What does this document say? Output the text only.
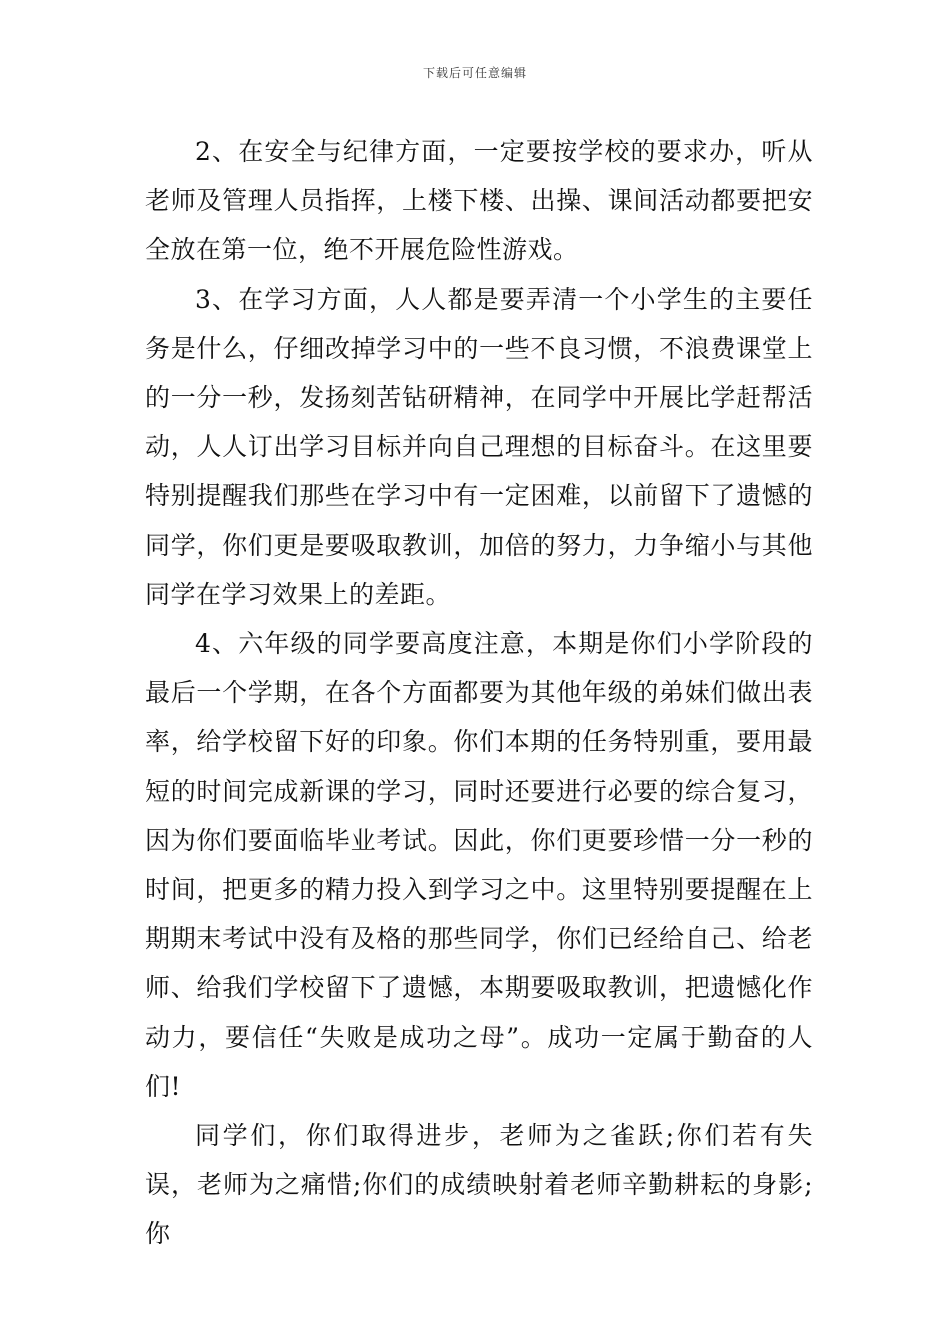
下载后可任意编辑

2、在安全与纪律方面，一定要按学校的要求办，听从老师及管理人员指挥，上楼下楼、出操、课间活动都要把安全放在第一位，绝不开展危险性游戏。

3、在学习方面，人人都是要弄清一个小学生的主要任务是什么，仔细改掉学习中的一些不良习惯，不浪费课堂上的一分一秒，发扬刻苦钻研精神，在同学中开展比学赶帮活动，人人订出学习目标并向自己理想的目标奋斗。在这里要特别提醒我们那些在学习中有一定困难，以前留下了遗憾的同学，你们更是要吸取教训，加倍的努力，力争缩小与其他同学在学习效果上的差距。

4、六年级的同学要高度注意，本期是你们小学阶段的最后一个学期，在各个方面都要为其他年级的弟妹们做出表率，给学校留下好的印象。你们本期的任务特别重，要用最短的时间完成新课的学习，同时还要进行必要的综合复习，因为你们要面临毕业考试。因此，你们更要珍惜一分一秒的时间，把更多的精力投入到学习之中。这里特别要提醒在上期期末考试中没有及格的那些同学，你们已经给自己、给老师、给我们学校留下了遗憾，本期要吸取教训，把遗憾化作动力，要信任“失败是成功之母”。成功一定属于勤奋的人们!

同学们，你们取得进步，老师为之雀跃;你们若有失误，老师为之痛惜;你们的成绩映射着老师辛勤耕耘的身影;你
